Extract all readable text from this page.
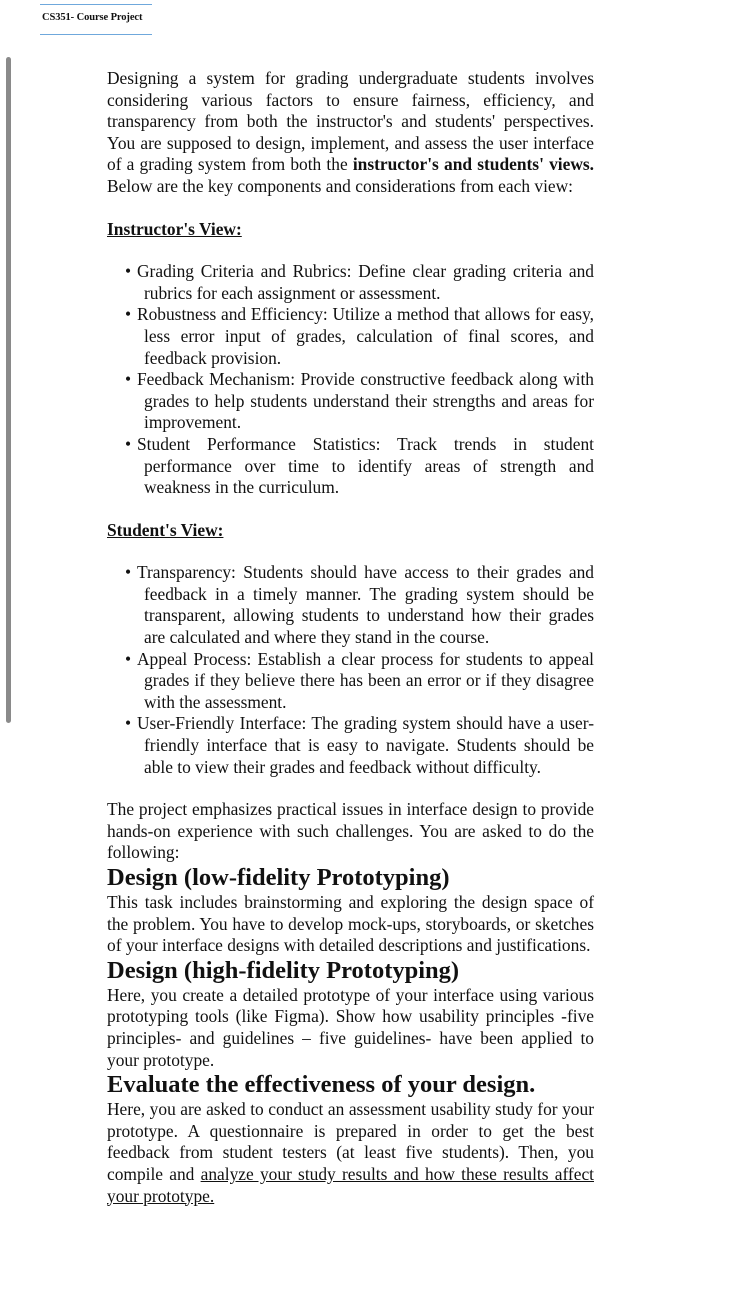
CS351- Course Project

Designing a system for grading undergraduate students involves considering various factors to ensure fairness, efficiency, and transparency from both the instructor's and students' perspectives. You are supposed to design, implement, and assess the user interface of a grading system from both the instructor's and students' views. Below are the key components and considerations from each view:

Instructor's View:

• Grading Criteria and Rubrics: Define clear grading criteria and rubrics for each assignment or assessment.
• Robustness and Efficiency: Utilize a method that allows for easy, less error input of grades, calculation of final scores, and feedback provision.
• Feedback Mechanism: Provide constructive feedback along with grades to help students understand their strengths and areas for improvement.
• Student Performance Statistics: Track trends in student performance over time to identify areas of strength and weakness in the curriculum.

Student's View:

• Transparency: Students should have access to their grades and feedback in a timely manner. The grading system should be transparent, allowing students to understand how their grades are calculated and where they stand in the course.
• Appeal Process: Establish a clear process for students to appeal grades if they believe there has been an error or if they disagree with the assessment.
• User-Friendly Interface: The grading system should have a user-friendly interface that is easy to navigate. Students should be able to view their grades and feedback without difficulty.

The project emphasizes practical issues in interface design to provide hands-on experience with such challenges. You are asked to do the following:

Design (low-fidelity Prototyping)

This task includes brainstorming and exploring the design space of the problem. You have to develop mock-ups, storyboards, or sketches of your interface designs with detailed descriptions and justifications.

Design (high-fidelity Prototyping)

Here, you create a detailed prototype of your interface using various prototyping tools (like Figma). Show how usability principles -five principles- and guidelines – five guidelines- have been applied to your prototype.

Evaluate the effectiveness of your design.

Here, you are asked to conduct an assessment usability study for your prototype. A questionnaire is prepared in order to get the best feedback from student testers (at least five students). Then, you compile and analyze your study results and how these results affect your prototype.
